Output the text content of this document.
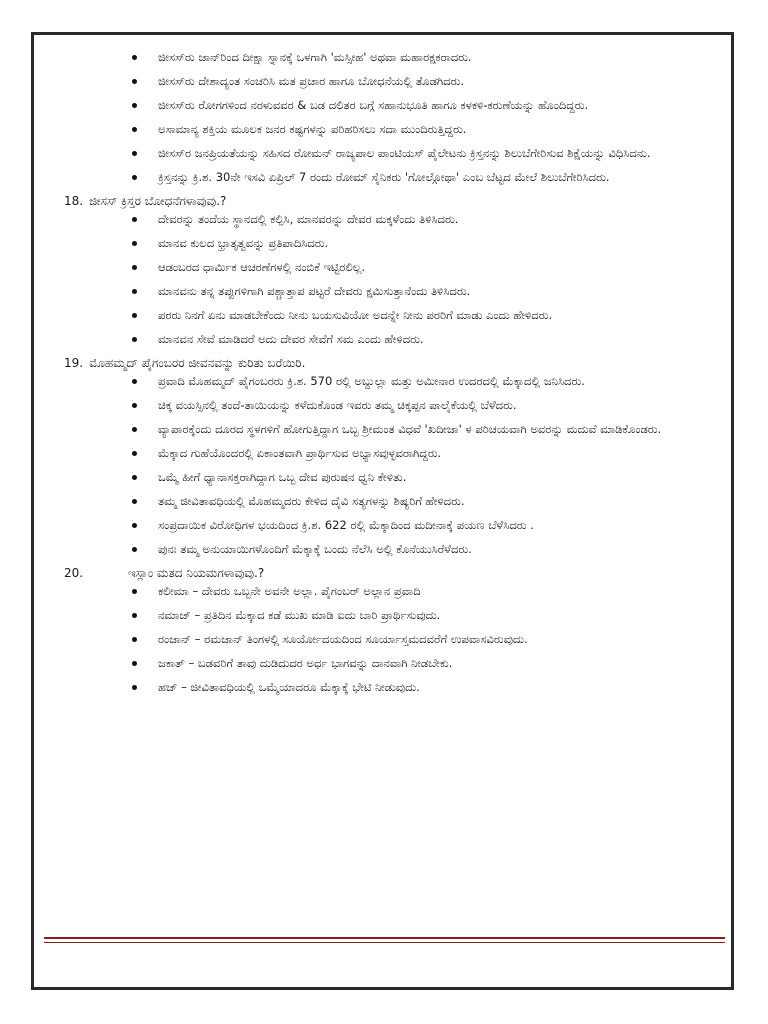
ಜೀಸಸ್‌ರು ಜಾನ್‌ರಿಂದ ದೀಕ್ಷಾ ಸ್ನಾನಕ್ಕೆ ಒಳಗಾಗಿ 'ಮಸ್ಸೀಹ' ಅಥವಾ ಮಹಾರಕ್ಷಕರಾದರು.
ಜೀಸಸ್‌ರು ದೇಶಾದ್ಯಂತ ಸಂಚರಿಸಿ ಮತ ಪ್ರಚಾರ ಹಾಗೂ ಬೋಧನೆಯಲ್ಲಿ ತೊಡಗಿದರು.
ಜೀಸಸ್‌ರು ರೋಗಗಳಿಂದ ನರಳುವವರ & ಬಡ ದಲಿತರ ಬಗ್ಗೆ ಸಹಾನುಭೂತಿ ಹಾಗೂ ಕಳಕಳಿ-ಕರುಣೆಯನ್ನು ಹೊಂದಿದ್ದರು.
ಅಸಾಮಾನ್ಯ ಶಕ್ತಿಯ ಮೂಲಕ ಜನರ ಕಷ್ಟಗಳನ್ನು ಪರಿಹರಿಸಲು ಸದಾ ಮುಂದಿರುತ್ತಿದ್ದರು.
ಜೀಸಸ್‌ರ ಜನಪ್ರಿಯತೆಯನ್ನು ಸಹಿಸದ ರೋಮನ್ ರಾಜ್ಯಪಾಲ ಪಾಂಟಿಯಸ್ ಪೈಲೇಟನು ಕ್ರಿಸ್ತನನ್ನು ಶಿಲುಬೆಗೇರಿಸುವ ಶಿಕ್ಷೆಯನ್ನು ವಿಧಿಸಿದನು.
ಕ್ರಿಸ್ತನನ್ನು ಕ್ರಿ.ಶ. 30ನೇ ಇಸವಿ ಏಪ್ರಿಲ್ 7 ರಂದು ರೋಮ್ ಸೈನಿಕರು 'ಗೋಲ್ಗೋಥಾ' ಎಂಬ ಬೆಟ್ಟದ ಮೇಲೆ ಶಿಲುಬೆಗೇರಿಸಿದರು.
18. ಜೀಸಸ್ ಕ್ರಿಸ್ತರ ಬೋಧನೆಗಳಾವುವು.?
ದೇವರನ್ನು ತಂದೆಯ ಸ್ಥಾನದಲ್ಲಿ ಕಲ್ಪಿಸಿ, ಮಾನವರನ್ನು ದೇವರ ಮಕ್ಕಳೆಂದು ತಿಳಿಸಿದರು.
ಮಾನವ ಕುಲದ ಭ್ರಾತೃತ್ವವನ್ನು ಪ್ರತಿಪಾದಿಸಿದರು.
ಆಡಂಬರದ ಧಾರ್ಮಿಕ ಆಚರಣೆಗಳಲ್ಲಿ ನಂಬಿಕೆ ಇಟ್ಟಿರಲಿಲ್ಲ.
ಮಾನವನು ತನ್ನ ತಪ್ಪುಗಳಿಗಾಗಿ ಪಶ್ಚಾತ್ತಾಪ ಪಟ್ಟರೆ ದೇವರು ಕ್ಷಮಿಸುತ್ತಾನೆಂದು ತಿಳಿಸಿದರು.
ಪರರು ನಿನಗೆ ಏನು ಮಾಡಬೇಕೆಂದು ನೀನು ಬಯಸುವಿಯೋ ಅದನ್ನೇ ನೀನು ಪರರಿಗೆ ಮಾಡು ಎಂದು ಹೇಳಿದರು.
ಮಾನವನ ಸೇವೆ ಮಾಡಿದರೆ ಅದು ದೇವರ ಸೇವೆಗೆ ಸಮ ಎಂದು ಹೇಳಿದರು.
19. ಮೊಹಮ್ಮದ್ ಪೈಗಂಬರರ ಜೀವನವನ್ನು ಕುರಿತು ಬರೆಯಿರಿ.
ಪ್ರವಾದಿ ಮೊಹಮ್ಮದ್ ಪೈಗಂಬರರು ಕ್ರಿ.ಶ. 570 ರಲ್ಲಿ ಅಬ್ದುಲ್ಲಾ ಮತ್ತು ಅಮೀನಾರ ಉದರದಲ್ಲಿ ಮೆಕ್ಕಾದಲ್ಲಿ ಜನಿಸಿದರು.
ಚಿಕ್ಕ ವಯಸ್ಸಿನಲ್ಲಿ ತಂದೆ-ತಾಯಿಯನ್ನು ಕಳೆದುಕೊಂಡ ಇವರು ತಮ್ಮ ಚಿಕ್ಕಪ್ಪನ ಪಾಲೈಕೆಯಲ್ಲಿ ಬೆಳೆದರು.
ವ್ಯಾಪಾರಕ್ಕೆಂದು ದೂರದ ಸ್ಥಳಗಳಿಗೆ ಹೋಗುತ್ತಿದ್ದಾಗ ಒಬ್ಬ ಶ್ರೀಮಂತ ವಿಧವೆ 'ಖದೀಜಾ' ಳ ಪರಿಚಯವಾಗಿ ಅವರನ್ನು ಮದುವೆ ಮಾಡಿಕೊಂಡರು.
ಮೆಕ್ಕಾದ ಗುಹೆಯೊಂದರಲ್ಲಿ ಏಕಾಂತವಾಗಿ ಪ್ರಾರ್ಥಿಸುವ ಅಭ್ಯಾಸವುಳ್ಳವರಾಗಿದ್ದರು.
ಒಮ್ಮೆ ಹೀಗೆ ಧ್ಯಾನಾಸಕ್ತರಾಗಿದ್ದಾಗ ಒಬ್ಬ ದೇವ ಪುರುಷನ ಧ್ವನಿ ಕೇಳಿತು.
ತಮ್ಮ ಜೀವಿತಾವಧಿಯಲ್ಲಿ ಮೊಹಮ್ಮದರು ಕೇಳಿದ ದೈವಿ ಸತ್ಯಗಳನ್ನು ಶಿಷ್ಯರಿಗೆ ಹೇಳಿದರು.
ಸಂಪ್ರದಾಯಿಕ ವಿರೋಧಿಗಳ ಭಯದಿಂದ ಕ್ರಿ.ಶ. 622 ರಲ್ಲಿ ಮೆಕ್ಕಾದಿಂದ ಮದೀನಾಕ್ಕೆ ಪಯಣ ಬೆಳೆಸಿದರು .
ಪುನಃ ತಮ್ಮ ಅನುಯಾಯಿಗಳೊಂದಿಗೆ ಮೆಕ್ಕಾಕ್ಕೆ ಬಂದು ನೆಲೆಸಿ ಅಲ್ಲಿ ಕೊನೆಯುಸಿರೆಳೆದರು.
20.	ಇಸ್ಲಾಂ ಮತದ ನಿಯಮಗಳಾವುವು.?
ಕಲೀಮಾ – ದೇವರು ಒಬ್ಬನೇ ಅವನೇ ಅಲ್ಲಾ. ಪೈಗಂಬರ್ ಅಲ್ಲಾನ ಪ್ರವಾದಿ
ನಮಾಜ್ – ಪ್ರತಿದಿನ ಮೆಕ್ಕಾದ ಕಡೆ ಮುಖ ಮಾಡಿ ಐದು ಬಾರಿ ಪ್ರಾರ್ಥಿಸುವುದು.
ರಂಜಾನ್ – ರಮಜಾನ್ ತಿಂಗಳಲ್ಲಿ ಸೂರ್ಯೋದಯದಿಂದ ಸೂರ್ಯಾಸ್ತಮದವರೆಗೆ ಉಪವಾಸವಿರುವುದು.
ಜಕಾತ್ – ಬಡವರಿಗೆ ತಾವು ದುಡಿದುದರ ಅರ್ಧ ಭಾಗವನ್ನು ದಾನವಾಗಿ ನೀಡಬೇಕು.
ಹಜ್ – ಜೀವಿತಾವಧಿಯಲ್ಲಿ ಒಮ್ಮೆಯಾದರೂ ಮೆಕ್ಕಾಕ್ಕೆ ಭೇಟಿ ನೀಡುವುದು.
